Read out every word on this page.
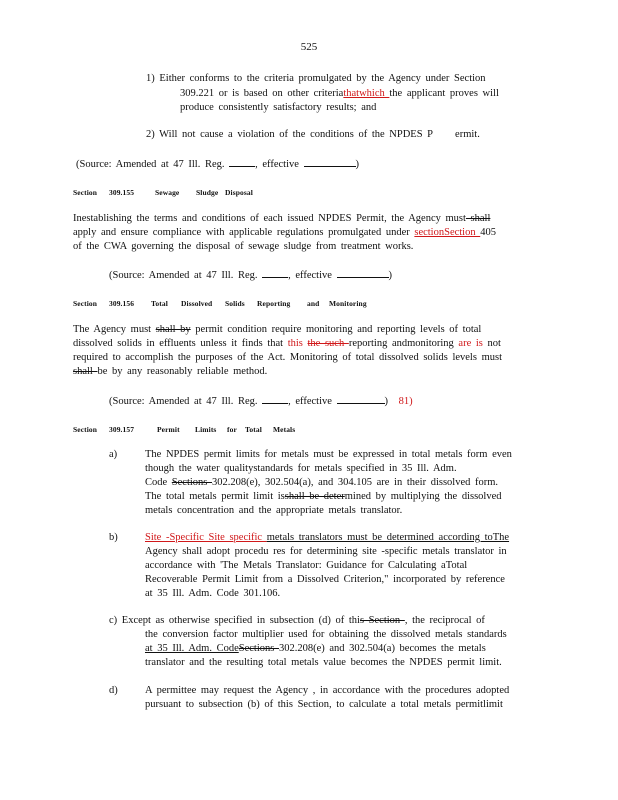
525
1) Either conforms to the criteria promulgated by the Agency under Section
309.221 or is based on other criteriathatwhich the applicant proves will
produce consistently satisfactory results; and
2) Will not cause a violation of the conditions of the NPDES P ermit.
(Source: Amended at 47 Ill. Reg.	, effective	)
Section 309.155	Sewage Sludge Disposal
Inestablishing the terms and conditions of each issued NPDES Permit, the Agency must shall
apply and ensure compliance with applicable regulations promulgated under sectionSection 405
of the CWA governing the disposal of sewage sludge from treatment works.
(Source: Amended at 47 Ill. Reg.	, effective	)
Section 309.156 Total Dissolved Solids Reporting and Monitoring
The Agency must shall by permit condition require monitoring and reporting levels of total
dissolved solids in effluents unless it finds that this the such reporting andmonitoring are is not
required to accomplish the purposes of the Act. Monitoring of total dissolved solids levels must
shall be by any reasonably reliable method.
(Source: Amended at 47 Ill. Reg.	, effective	) 81)
Section 309.157	Permit Limits for Total Metals
a)	The NPDES permit limits for metals must be expressed in total metals form even
though the water qualitystandards for metals specified in 35 Ill. Adm.
Code Sections 302.208(e), 302.504(a), and 304.105 are in their dissolved form.
The total metals permit limit isshall be determined by multiplying the dissolved
metals concentration and the appropriate metals translator.
b)	Site -Specific Site specific metals translators must be determined according toThe
Agency shall adopt procedu res for determining site -specific metals translator in
accordance with 'The Metals Translator: Guidance for Calculating aTotal
Recoverable Permit Limit from a Dissolved Criterion," incorporated by reference
at 35 Ill. Adm. Code 301.106.
c) Except as otherwise specified in subsection (d) of this Section , the reciprocal of
the conversion factor multiplier used for obtaining the dissolved metals standards
at 35 Ill. Adm. CodeSections 302.208(e) and 302.504(a) becomes the metals
translator and the resulting total metals value becomes the NPDES permit limit.
d)	A permittee may request the Agency , in accordance with the procedures adopted
pursuant to subsection (b) of this Section, to calculate a total metals permitlimit
